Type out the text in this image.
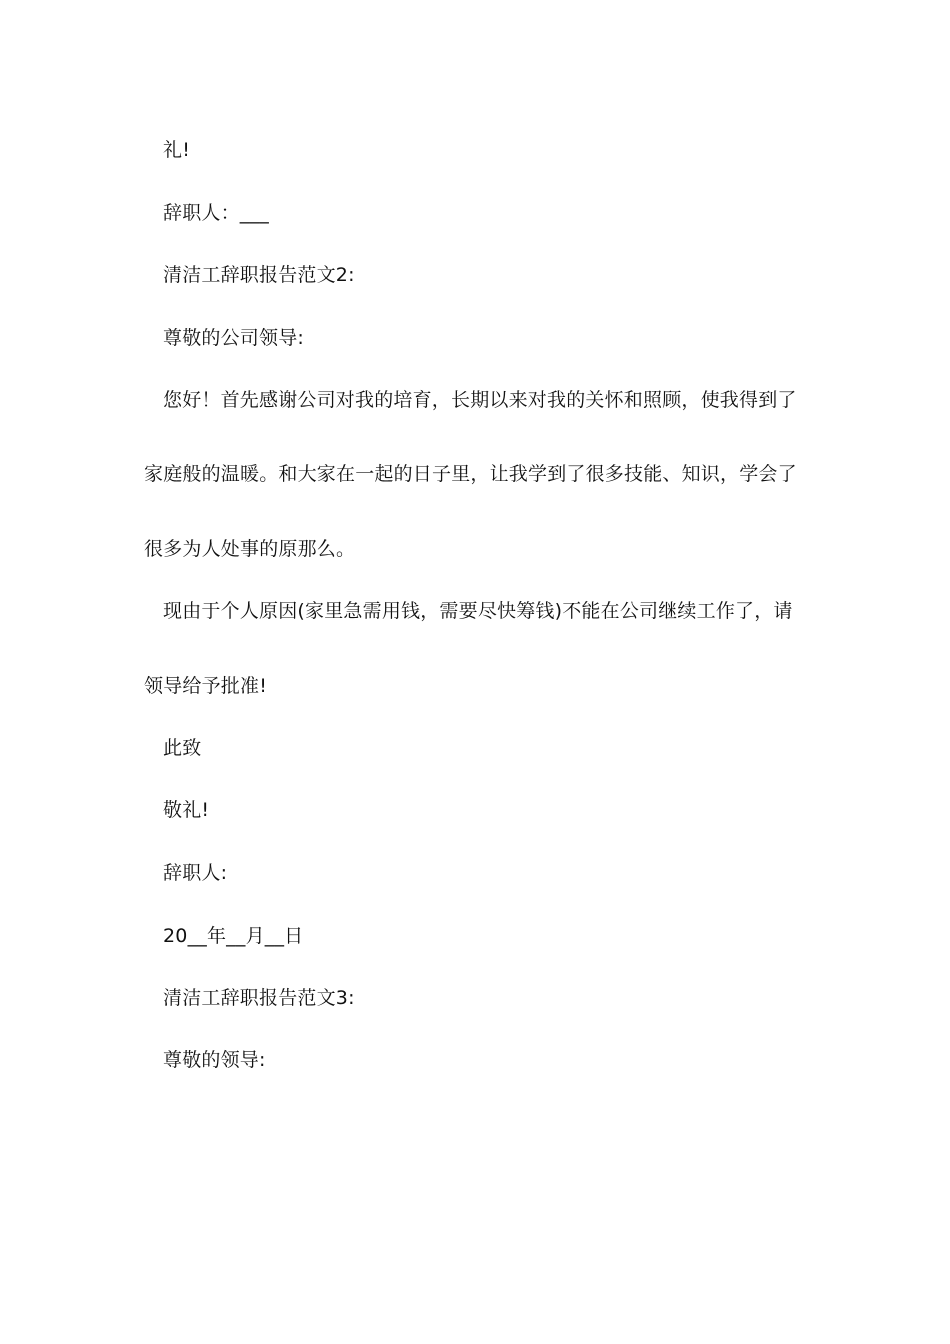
礼!
辞职人：___
清洁工辞职报告范文2:
尊敬的公司领导:
您好！首先感谢公司对我的培育，长期以来对我的关怀和照顾，使我得到了
家庭般的温暖。和大家在一起的日子里，让我学到了很多技能、知识，学会了
很多为人处事的原那么。
现由于个人原因(家里急需用钱，需要尽快筹钱)不能在公司继续工作了，请
领导给予批准!
此致
敬礼!
辞职人:
20__年__月__日
清洁工辞职报告范文3:
尊敬的领导:
